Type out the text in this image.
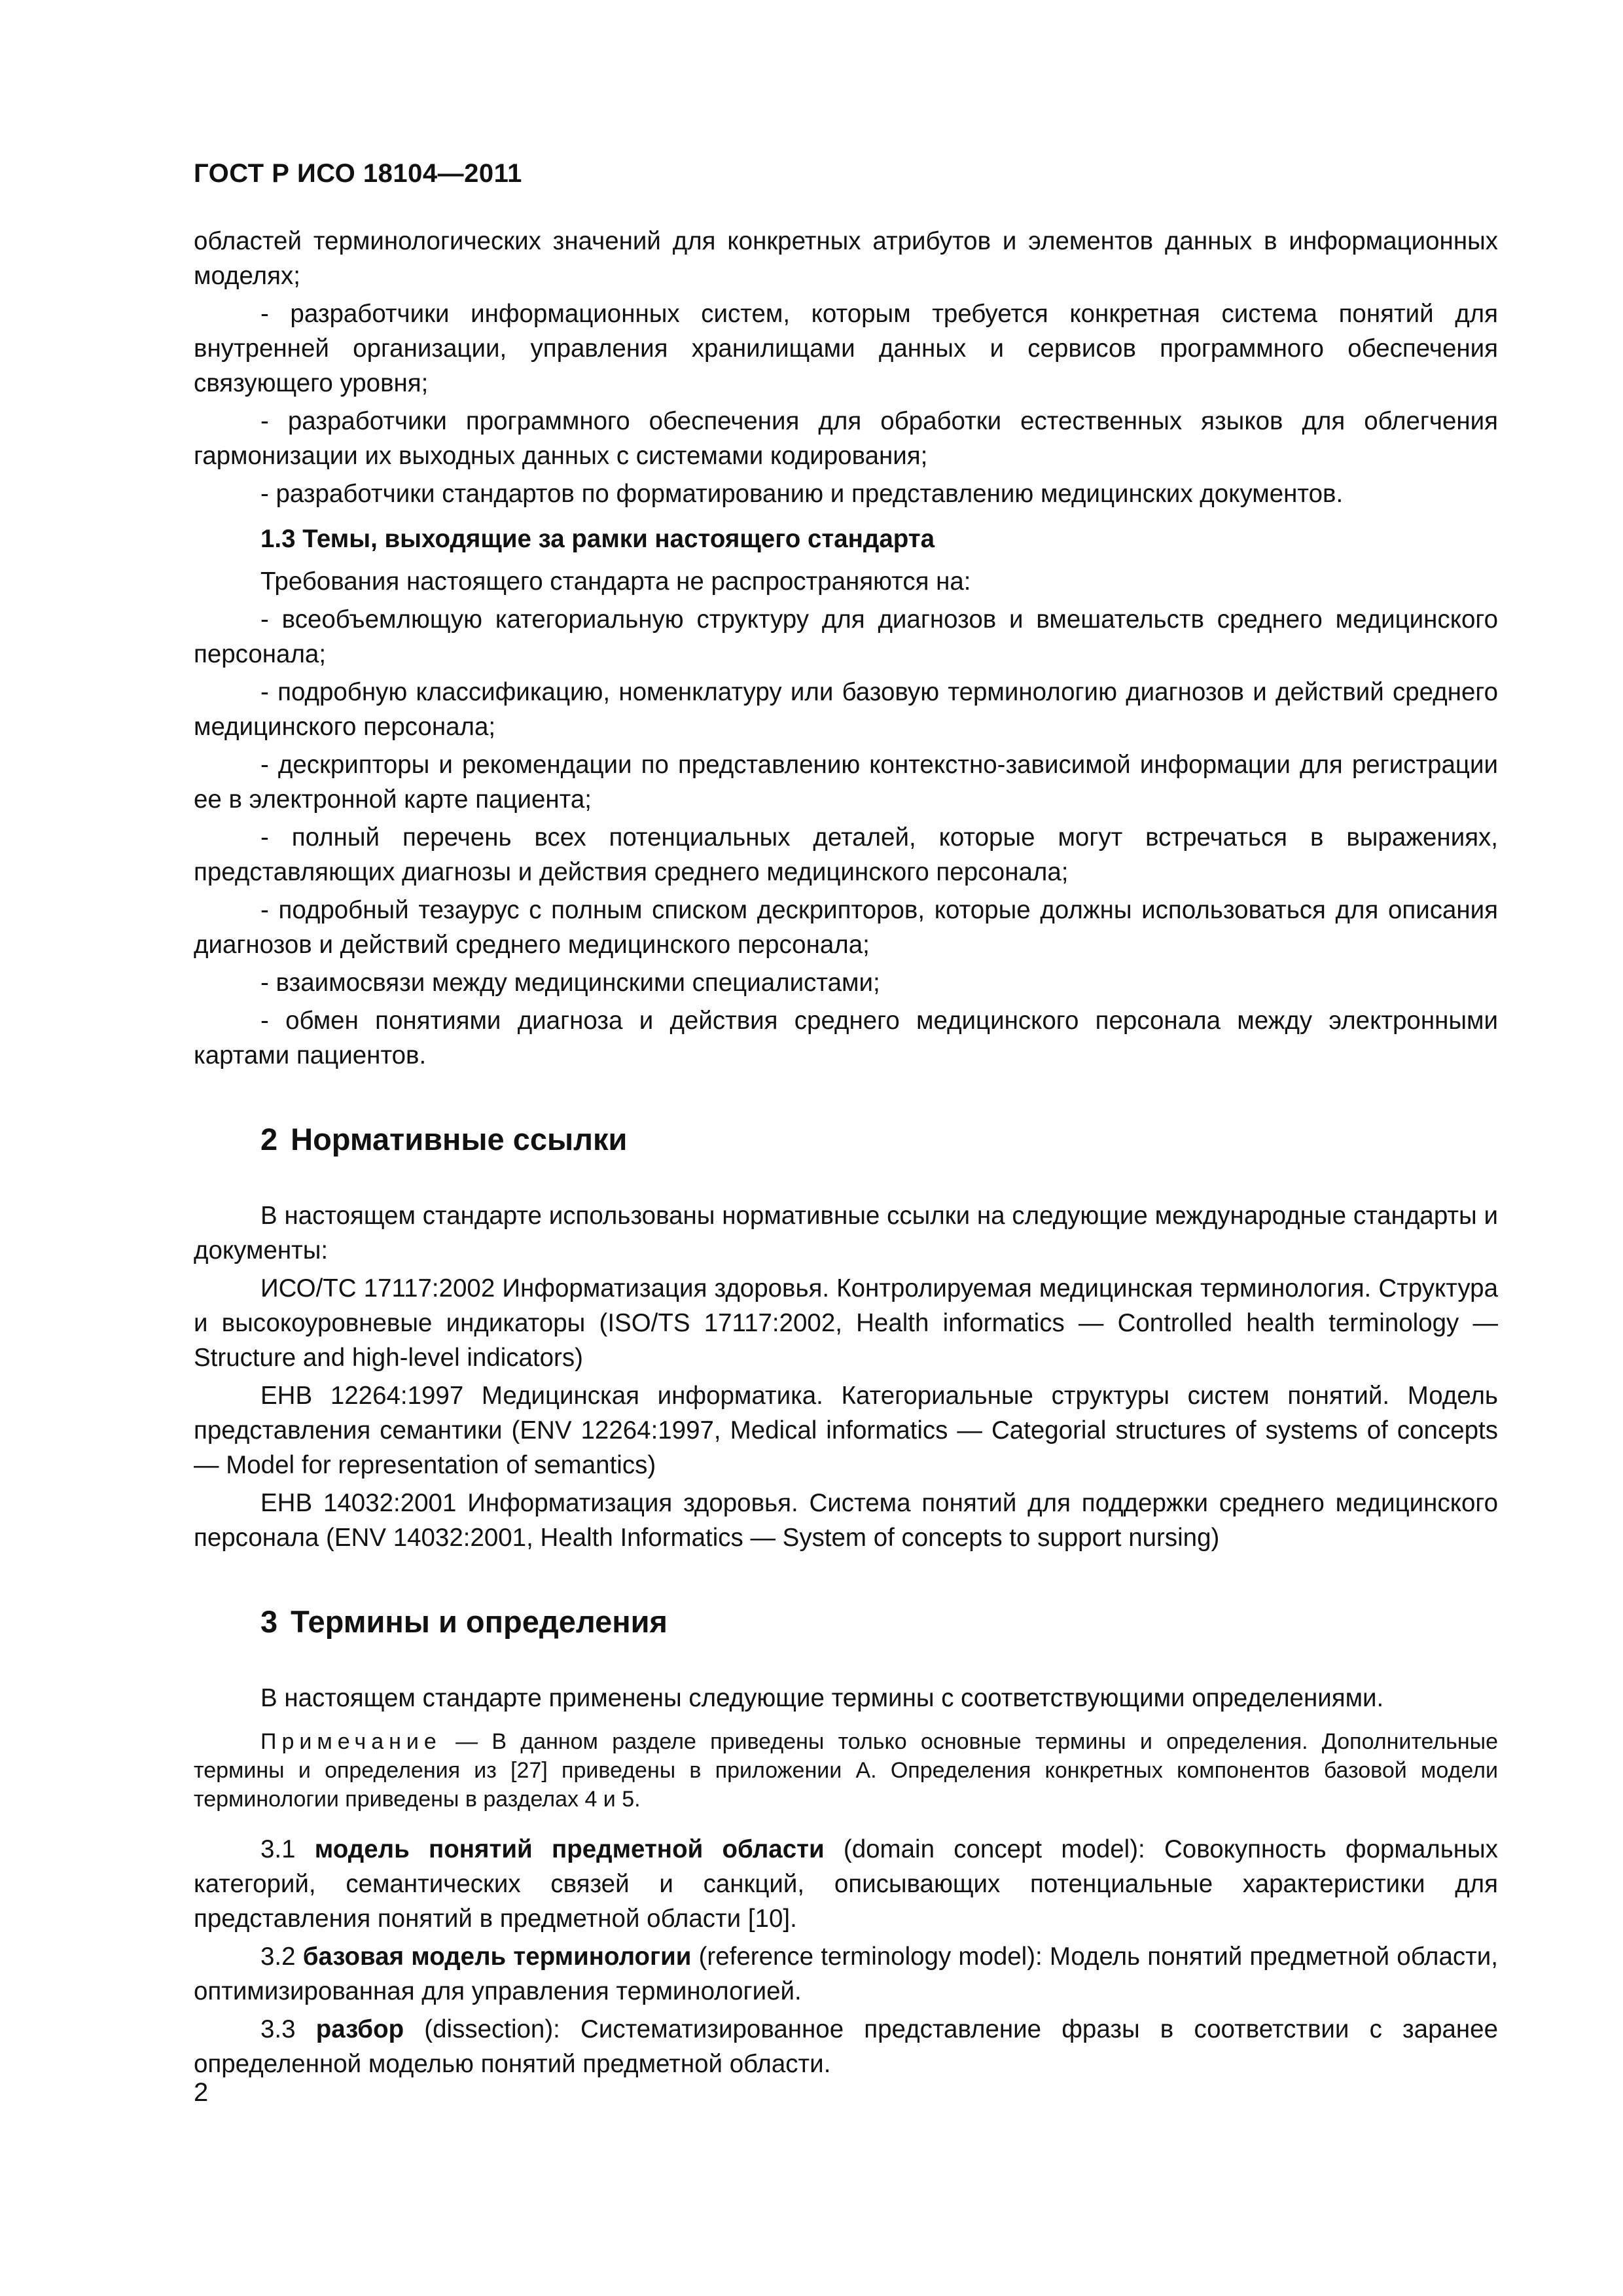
ГОСТ Р ИСО 18104—2011

областей терминологических значений для конкретных атрибутов и элементов данных в информационных моделях;

- разработчики информационных систем, которым требуется конкретная система понятий для внутренней организации, управления хранилищами данных и сервисов программного обеспечения связующего уровня;

- разработчики программного обеспечения для обработки естественных языков для облегчения гармонизации их выходных данных с системами кодирования;

- разработчики стандартов по форматированию и представлению медицинских документов.

1.3 Темы, выходящие за рамки настоящего стандарта

Требования настоящего стандарта не распространяются на:

- всеобъемлющую категориальную структуру для диагнозов и вмешательств среднего медицинского персонала;

- подробную классификацию, номенклатуру или базовую терминологию диагнозов и действий среднего медицинского персонала;

- дескрипторы и рекомендации по представлению контекстно-зависимой информации для регистрации ее в электронной карте пациента;

- полный перечень всех потенциальных деталей, которые могут встречаться в выражениях, представляющих диагнозы и действия среднего медицинского персонала;

- подробный тезаурус с полным списком дескрипторов, которые должны использоваться для описания диагнозов и действий среднего медицинского персонала;

- взаимосвязи между медицинскими специалистами;

- обмен понятиями диагноза и действия среднего медицинского персонала между электронными картами пациентов.

2 Нормативные ссылки

В настоящем стандарте использованы нормативные ссылки на следующие международные стандарты и документы:

ИСО/ТС 17117:2002 Информатизация здоровья. Контролируемая медицинская терминология. Структура и высокоуровневые индикаторы (ISO/TS 17117:2002, Health informatics — Controlled health terminology — Structure and high-level indicators)

ЕНВ 12264:1997 Медицинская информатика. Категориальные структуры систем понятий. Модель представления семантики (ENV 12264:1997, Medical informatics — Categorial structures of systems of concepts — Model for representation of semantics)

ЕНВ 14032:2001 Информатизация здоровья. Система понятий для поддержки среднего медицинского персонала (ENV 14032:2001, Health Informatics — System of concepts to support nursing)

3 Термины и определения

В настоящем стандарте применены следующие термины с соответствующими определениями.

Примечание — В данном разделе приведены только основные термины и определения. Дополнительные термины и определения из [27] приведены в приложении А. Определения конкретных компонентов базовой модели терминологии приведены в разделах 4 и 5.

3.1 модель понятий предметной области (domain concept model): Совокупность формальных категорий, семантических связей и санкций, описывающих потенциальные характеристики для представления понятий в предметной области [10].

3.2 базовая модель терминологии (reference terminology model): Модель понятий предметной области, оптимизированная для управления терминологией.

3.3 разбор (dissection): Систематизированное представление фразы в соответствии с заранее определенной моделью понятий предметной области.

2
